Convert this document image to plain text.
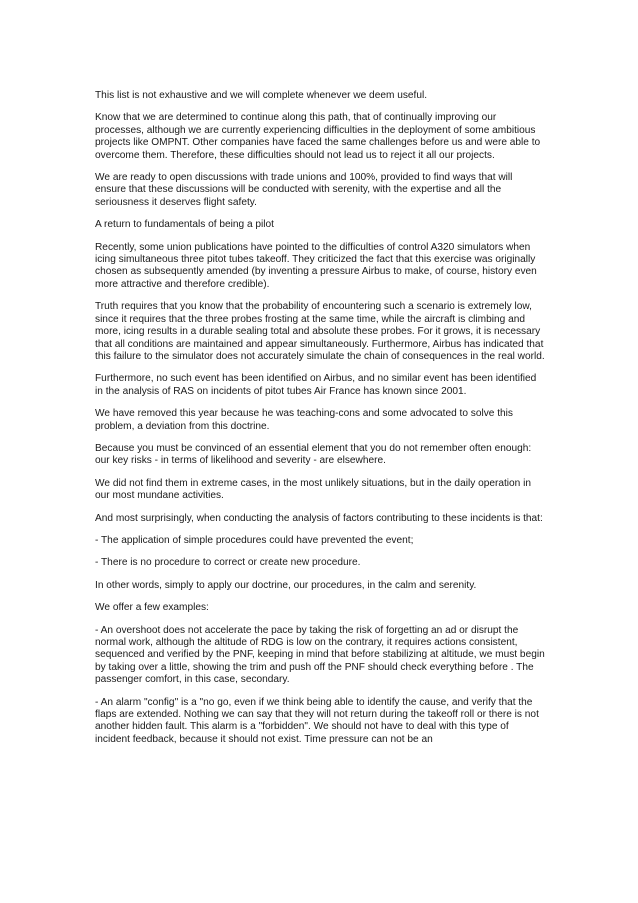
This list is not exhaustive and we will complete whenever we deem useful.

Know that we are determined to continue along this path, that of continually improving our processes, although we are currently experiencing difficulties in the deployment of some ambitious projects like OMPNT. Other companies have faced the same challenges before us and were able to overcome them. Therefore, these difficulties should not lead us to reject it all our projects.

We are ready to open discussions with trade unions and 100%, provided to find ways that will ensure that these discussions will be conducted with serenity, with the expertise and all the seriousness it deserves flight safety.

A return to fundamentals of being a pilot

Recently, some union publications have pointed to the difficulties of control A320 simulators when icing simultaneous three pitot tubes takeoff. They criticized the fact that this exercise was originally chosen as subsequently amended (by inventing a pressure Airbus to make, of course, history even more attractive and therefore credible).

Truth requires that you know that the probability of encountering such a scenario is extremely low, since it requires that the three probes frosting at the same time, while the aircraft is climbing and more, icing results in a durable sealing total and absolute these probes. For it grows, it is necessary that all conditions are maintained and appear simultaneously. Furthermore, Airbus has indicated that this failure to the simulator does not accurately simulate the chain of consequences in the real world.

Furthermore, no such event has been identified on Airbus, and no similar event has been identified in the analysis of RAS on incidents of pitot tubes Air France has known since 2001.

We have removed this year because he was teaching-cons and some advocated to solve this problem, a deviation from this doctrine.

Because you must be convinced of an essential element that you do not remember often enough: our key risks - in terms of likelihood and severity - are elsewhere.

We did not find them in extreme cases, in the most unlikely situations, but in the daily operation in our most mundane activities.

And most surprisingly, when conducting the analysis of factors contributing to these incidents is that:

- The application of simple procedures could have prevented the event;

- There is no procedure to correct or create new procedure.

In other words, simply to apply our doctrine, our procedures, in the calm and serenity.

We offer a few examples:

- An overshoot does not accelerate the pace by taking the risk of forgetting an ad or disrupt the normal work, although the altitude of RDG is low on the contrary, it requires actions consistent, sequenced and verified by the PNF, keeping in mind that before stabilizing at altitude, we must begin by taking over a little, showing the trim and push off the PNF should check everything before . The passenger comfort, in this case, secondary.

- An alarm "config" is a "no go, even if we think being able to identify the cause, and verify that the flaps are extended. Nothing we can say that they will not return during the takeoff roll or there is not another hidden fault. This alarm is a "forbidden". We should not have to deal with this type of incident feedback, because it should not exist. Time pressure can not be an
